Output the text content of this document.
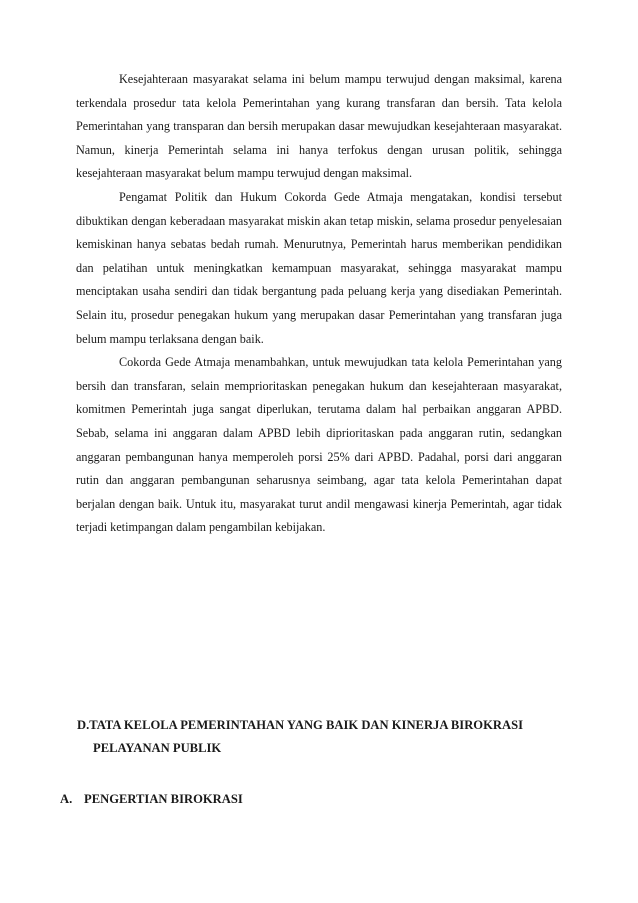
Kesejahteraan masyarakat selama ini belum mampu terwujud dengan maksimal, karena terkendala prosedur tata kelola Pemerintahan yang kurang transfaran dan bersih. Tata kelola Pemerintahan yang transparan dan bersih merupakan dasar mewujudkan kesejahteraan masyarakat. Namun, kinerja Pemerintah selama ini hanya terfokus dengan urusan politik, sehingga kesejahteraan masyarakat belum mampu terwujud dengan maksimal.

Pengamat Politik dan Hukum Cokorda Gede Atmaja mengatakan, kondisi tersebut dibuktikan dengan keberadaan masyarakat miskin akan tetap miskin, selama prosedur penyelesaian kemiskinan hanya sebatas bedah rumah. Menurutnya, Pemerintah harus memberikan pendidikan dan pelatihan untuk meningkatkan kemampuan masyarakat, sehingga masyarakat mampu menciptakan usaha sendiri dan tidak bergantung pada peluang kerja yang disediakan Pemerintah. Selain itu, prosedur penegakan hukum yang merupakan dasar Pemerintahan yang transfaran juga belum mampu terlaksana dengan baik.

Cokorda Gede Atmaja menambahkan, untuk mewujudkan tata kelola Pemerintahan yang bersih dan transfaran, selain memprioritaskan penegakan hukum dan kesejahteraan masyarakat, komitmen Pemerintah juga sangat diperlukan, terutama dalam hal perbaikan anggaran APBD. Sebab, selama ini anggaran dalam APBD lebih diprioritaskan pada anggaran rutin, sedangkan anggaran pembangunan hanya memperoleh porsi 25% dari APBD. Padahal, porsi dari anggaran rutin dan anggaran pembangunan seharusnya seimbang, agar tata kelola Pemerintahan dapat berjalan dengan baik. Untuk itu, masyarakat turut andil mengawasi kinerja Pemerintah, agar tidak terjadi ketimpangan dalam pengambilan kebijakan.

D.TATA KELOLA PEMERINTAHAN YANG BAIK DAN KINERJA BIROKRASI PELAYANAN PUBLIK

A. PENGERTIAN BIROKRASI
